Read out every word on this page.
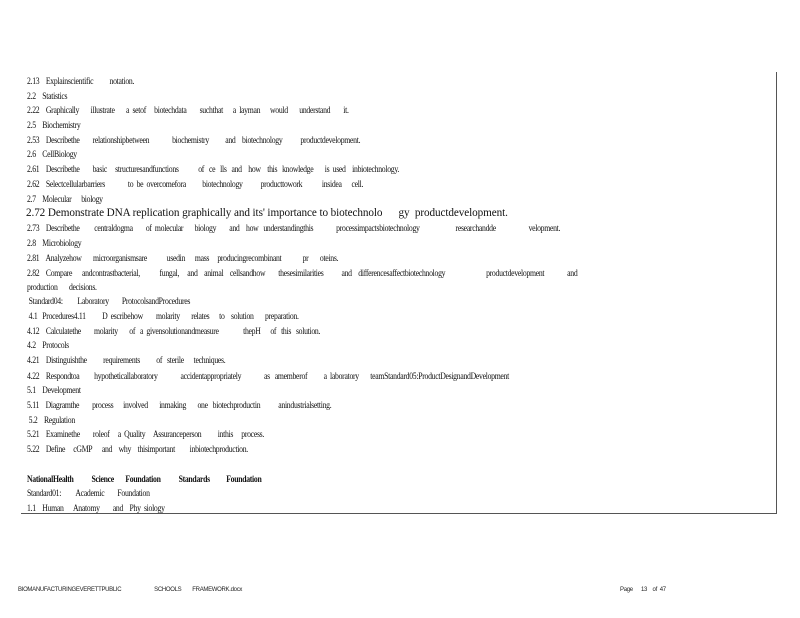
2.13    Explainscientific          notation.
2.2    Statistics
2.22    Graphically       illustrate       a  setof     biotechdata        suchthat      a  layman      would       understand        it.
2.5    Biochemistry
2.53    Describethe        relationshipbetween              biochemistry          and    biotechnology           productdevelopment.
2.6    CellBiology
2.61    Describethe        basic     structuresandfunctions            of   ce   lls   and    how    this   knowledge       is  used    inbiotechnology.
2.62    Selectcellularbarriers              to  be  overcomefora          biotechnology           producttowork            insidea      cell.
2.7    Molecular      biology
2.72 Demonstrate DNA replication graphically and its' importance to biotechnolo      gy  productdevelopment.
2.73    Describethe         centraldogma        of  molecular       biology        and    how   understandingthis              processimpactsbiotechnology                      researchandde                    velopment.
2.8    Microbiology
2.81    Analyzehow       microorganismsare            usedin      mass     producingrecombinant             pr       oteins.
2.82    Compare      andcontrastbacterial,            fungal,     and    animal    cellsandhow        thesesimilarities           and    differencesaffectbiotechnology                         productdevelopment              and
production       decisions.
Standard04:         Laboratory        ProtocolsandProcedures
4.1   Procedures4.11          D  escribehow        molarity       relates      to    solution       preparation.
4.12    Calculatethe        molarity       of   a  givensolutionandmeasure               thepH      of   this   solution.
4.2    Protocols
4.21    Distinguishthe          requirements          of   sterile      techniques.
4.22    Respondtoa         hypotheticallaboratory              accidentappropriately              as   amemberof          a  laboratory       teamStandard05:ProductDesignandDevelopment
5.1    Development
5.11    Diagramthe        process      involved       inmaking       one   biotechproductin           anindustrialsetting.
5.2    Regulation
5.21    Examinethe        roleof     a  Quality     Assuranceperson          inthis     process.
5.22    Define     cGMP      and    why    thisimportant         inbiotechproduction.
NationalHealth           Science       Foundation           Standards          Foundation
Standard01:         Academic        Foundation
1.1    Human      Anatomy        and    Phy  siology
BIOMANUFACTURINGEVERETTPUBLIC                        SCHOOLS        FRAMEWORK.docx	Page      13    of  47
